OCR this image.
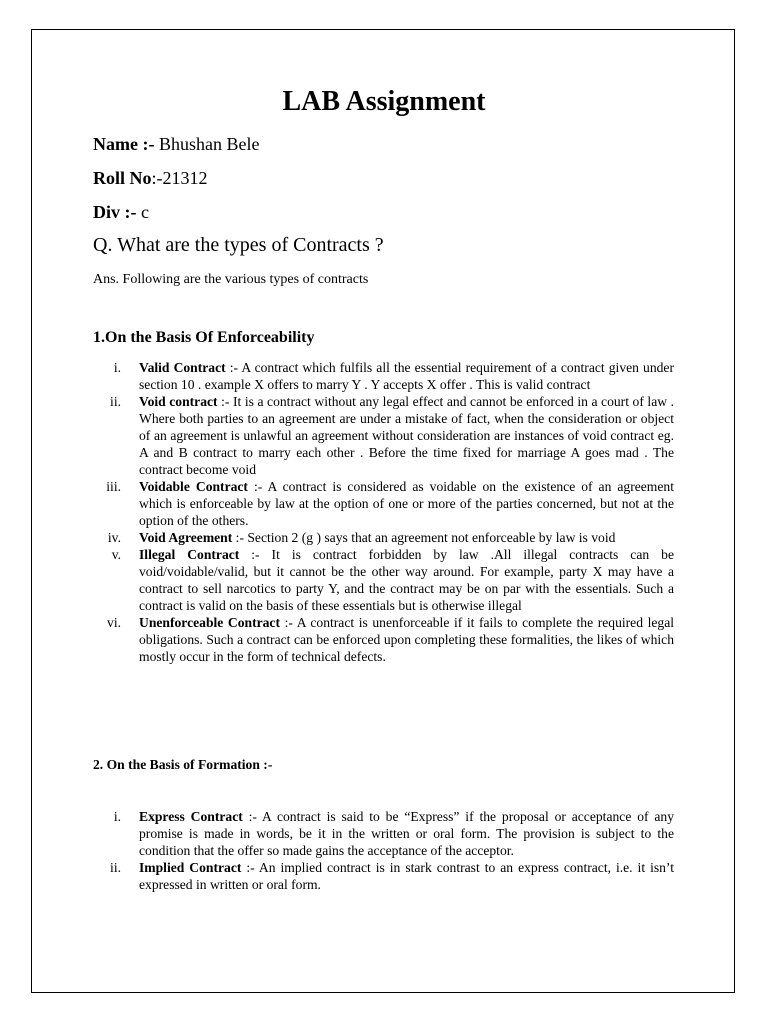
LAB Assignment

Name :- Bhushan Bele

Roll No:-21312

Div :- c

Q. What are the types of Contracts ?

Ans. Following are the various types of contracts

1.On the Basis Of Enforceability

i. Valid Contract :- A contract which fulfils all the essential requirement of a contract given under section 10 . example X offers to marry Y . Y accepts X offer . This is valid contract
ii. Void contract :- It is a contract without any legal effect and cannot be enforced in a court of law . Where both parties to an agreement are under a mistake of fact, when the consideration or object of an agreement is unlawful an agreement without consideration are instances of void contract eg. A and B contract to marry each other . Before the time fixed for marriage A goes mad . The contract become void
iii. Voidable Contract :- A contract is considered as voidable on the existence of an agreement which is enforceable by law at the option of one or more of the parties concerned, but not at the option of the others.
iv. Void Agreement :- Section 2 (g ) says that an agreement not enforceable by law is void
v. Illegal Contract :- It is contract forbidden by law .All illegal contracts can be void/voidable/valid, but it cannot be the other way around. For example, party X may have a contract to sell narcotics to party Y, and the contract may be on par with the essentials. Such a contract is valid on the basis of these essentials but is otherwise illegal
vi. Unenforceable Contract :- A contract is unenforceable if it fails to complete the required legal obligations. Such a contract can be enforced upon completing these formalities, the likes of which mostly occur in the form of technical defects.

2. On the Basis of Formation :-

i. Express Contract :- A contract is said to be “Express” if the proposal or acceptance of any promise is made in words, be it in the written or oral form. The provision is subject to the condition that the offer so made gains the acceptance of the acceptor.
ii. Implied Contract :- An implied contract is in stark contrast to an express contract, i.e. it isn’t expressed in written or oral form.
